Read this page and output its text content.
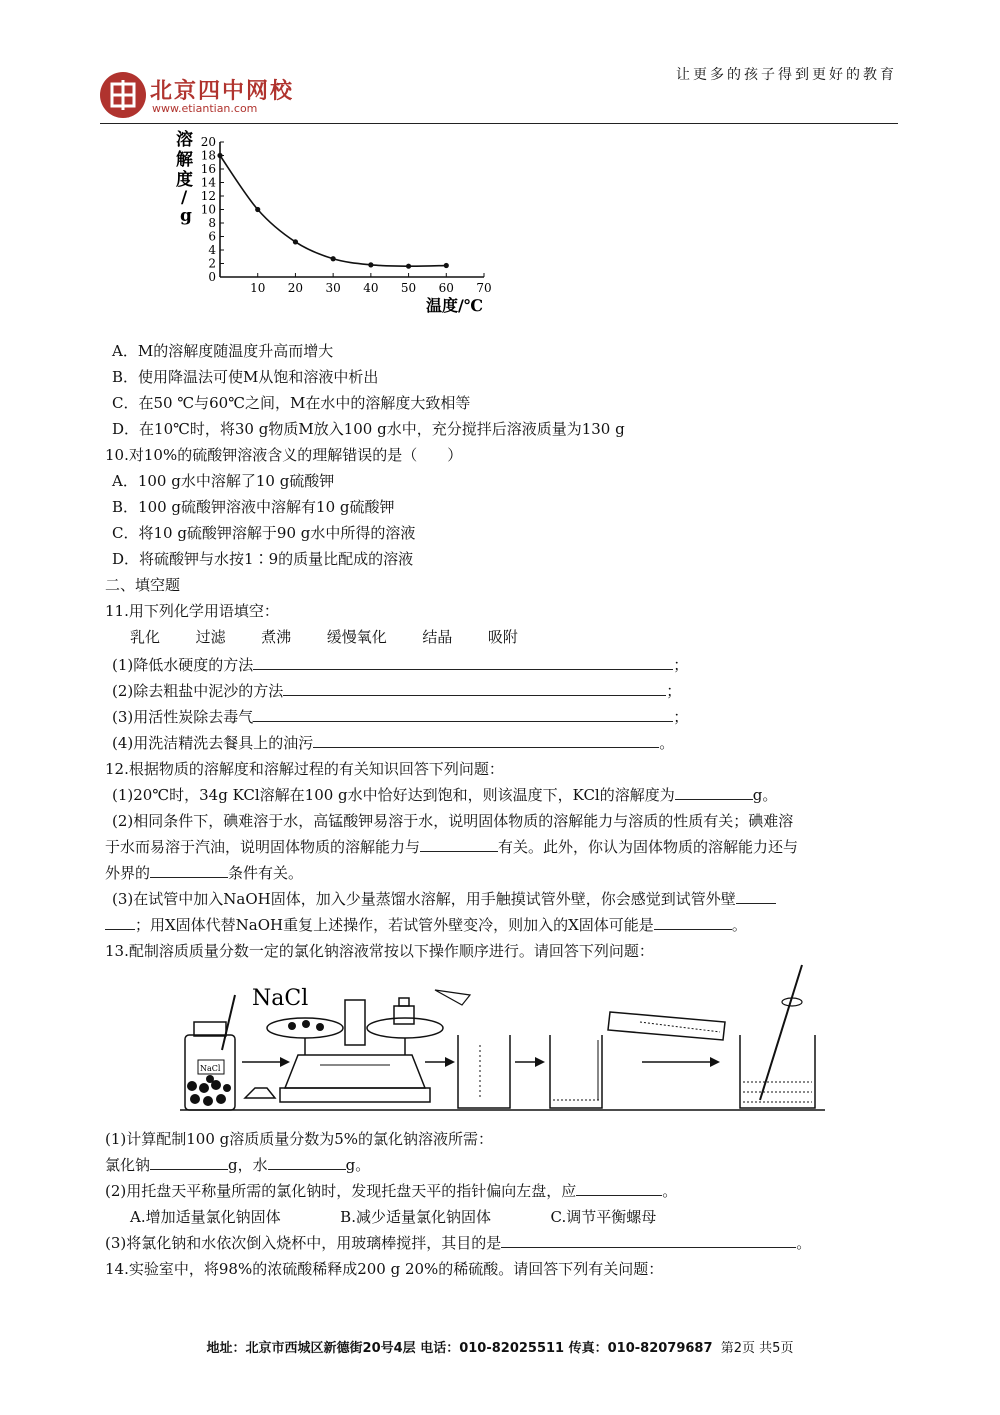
北京四中网校
www.etiantian.com
让更多的孩子得到更好的教育
0
2
4
6
8
10
12
14
16
18
20
10 20 30 40 50 60 70
溶
解
度
/
g
温度/℃
A．M的溶解度随温度升高而增大
B．使用降温法可使M从饱和溶液中析出
C．在50 ℃与60℃之间，M在水中的溶解度大致相等
D．在10℃时，将30 g物质M放入100 g水中，充分搅拌后溶液质量为130 g
10.对10%的硫酸钾溶液含义的理解错误的是（　　）
A．100 g水中溶解了10 g硫酸钾
B．100 g硫酸钾溶液中溶解有10 g硫酸钾
C．将10 g硫酸钾溶解于90 g水中所得的溶液
D．将硫酸钾与水按1∶9的质量比配成的溶液
二、填空题
11.用下列化学用语填空：
乳化 过滤 煮沸 缓慢氧化 结晶 吸附
(1)降低水硬度的方法	；
(2)除去粗盐中泥沙的方法	；
(3)用活性炭除去毒气	；
(4)用洗洁精洗去餐具上的油污	。
12.根据物质的溶解度和溶解过程的有关知识回答下列问题：
(1)20℃时，34g KCl溶解在100 g水中恰好达到饱和，则该温度下，KCl的溶解度为	g。
(2)相同条件下，碘难溶于水，高锰酸钾易溶于水，说明固体物质的溶解能力与溶质的性质有关；碘难溶
于水而易溶于汽油，说明固体物质的溶解能力与	有关。此外，你认为固体物质的溶解能力还与
外界的	条件有关。
(3)在试管中加入NaOH固体，加入少量蒸馏水溶解，用手触摸试管外壁，你会感觉到试管外壁
；用X固体代替NaOH重复上述操作，若试管外壁变冷，则加入的X固体可能是	。
13.配制溶质质量分数一定的氯化钠溶液常按以下操作顺序进行。请回答下列问题：
NaCl
NaCl
(1)计算配制100 g溶质质量分数为5%的氯化钠溶液所需：
氯化钠	g，水	g。
(2)用托盘天平称量所需的氯化钠时，发现托盘天平的指针偏向左盘，应	。
A.增加适量氯化钠固体	B.减少适量氯化钠固体	C.调节平衡螺母
(3)将氯化钠和水依次倒入烧杯中，用玻璃棒搅拌，其目的是	。
14.实验室中，将98%的浓硫酸稀释成200 g 20%的稀硫酸。请回答下列有关问题：
地址：北京市西城区新德街20号4层 电话：010-82025511 传真：010-82079687 第2页 共5页
